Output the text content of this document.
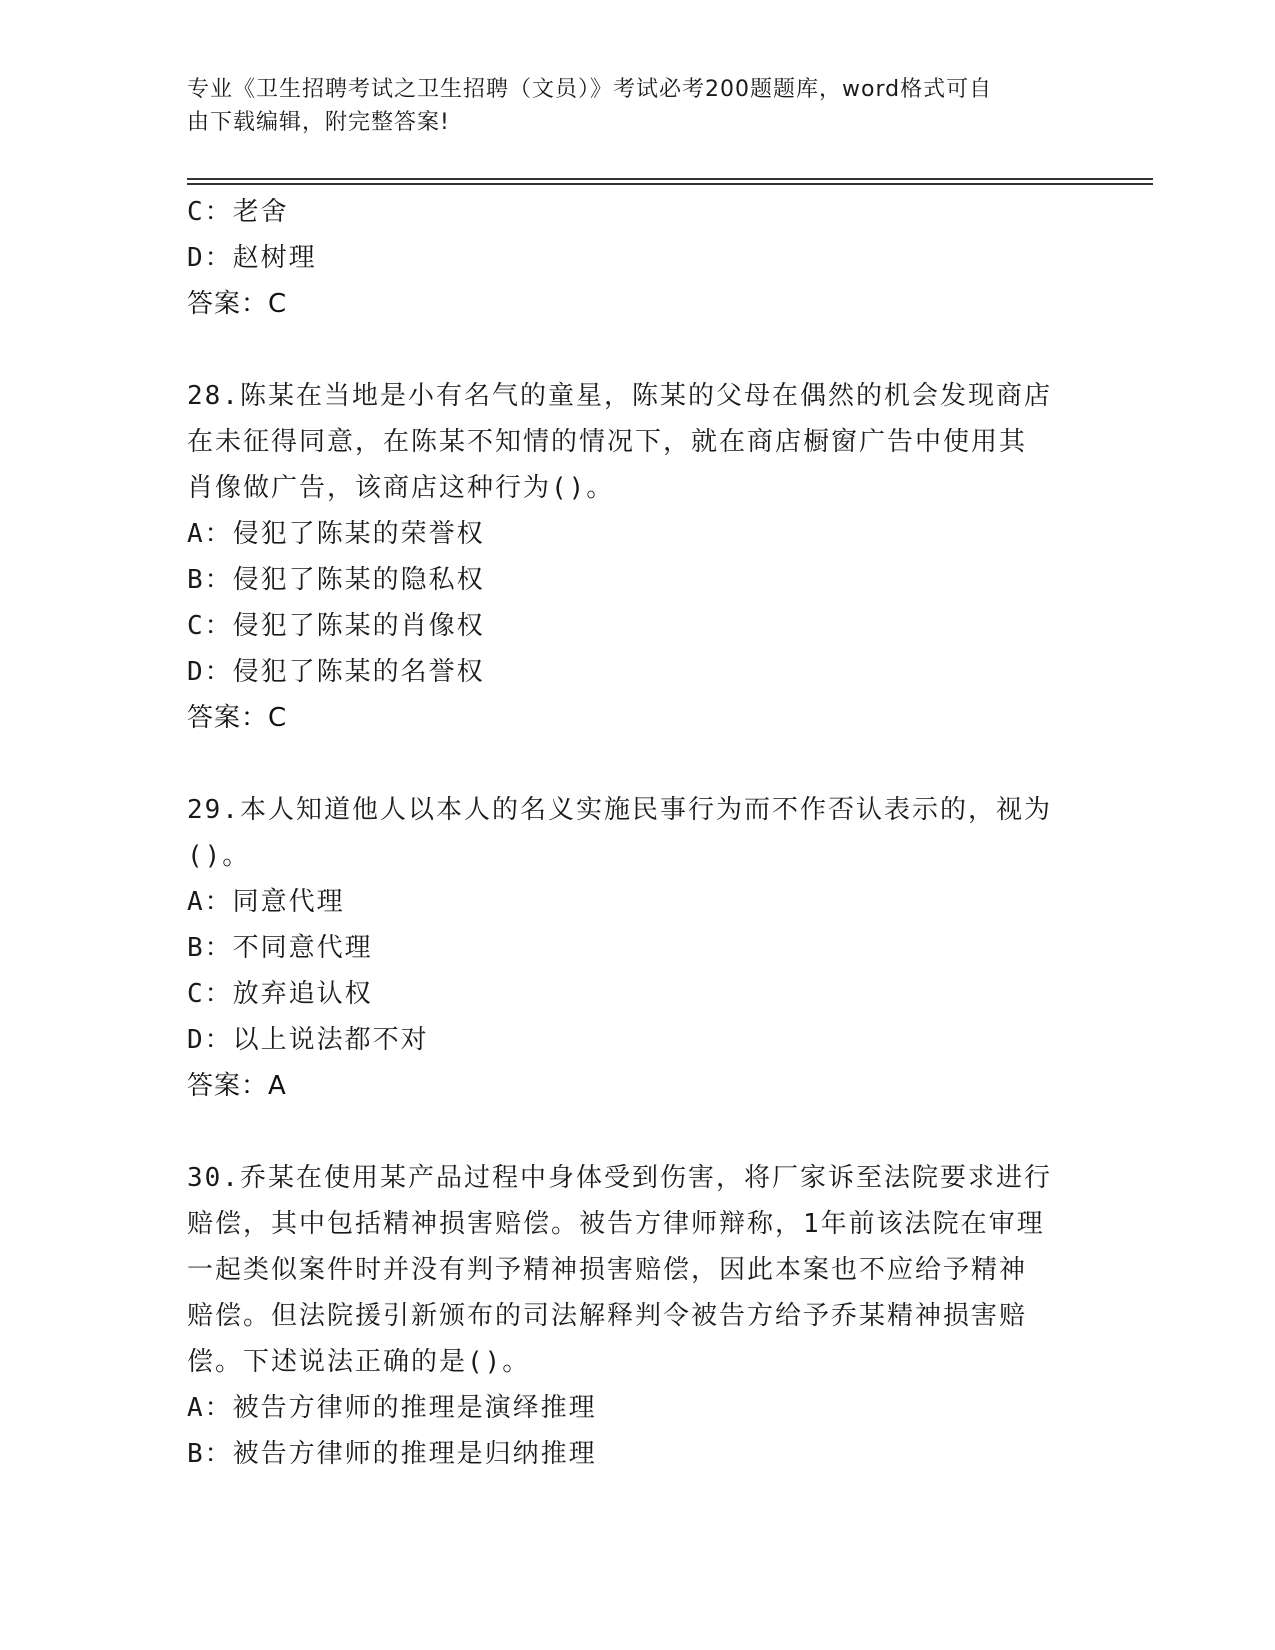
专业《卫生招聘考试之卫生招聘（文员）》考试必考200题题库，word格式可自
由下载编辑，附完整答案!
C：老舍
D：赵树理
答案：C
28.陈某在当地是小有名气的童星，陈某的父母在偶然的机会发现商店
在未征得同意，在陈某不知情的情况下，就在商店橱窗广告中使用其
肖像做广告，该商店这种行为()。
A：侵犯了陈某的荣誉权
B：侵犯了陈某的隐私权
C：侵犯了陈某的肖像权
D：侵犯了陈某的名誉权
答案：C
29.本人知道他人以本人的名义实施民事行为而不作否认表示的，视为
()。
A：同意代理
B：不同意代理
C：放弃追认权
D：以上说法都不对
答案：A
30.乔某在使用某产品过程中身体受到伤害，将厂家诉至法院要求进行
赔偿，其中包括精神损害赔偿。被告方律师辩称，1年前该法院在审理
一起类似案件时并没有判予精神损害赔偿，因此本案也不应给予精神
赔偿。但法院援引新颁布的司法解释判令被告方给予乔某精神损害赔
偿。下述说法正确的是()。
A：被告方律师的推理是演绎推理
B：被告方律师的推理是归纳推理
